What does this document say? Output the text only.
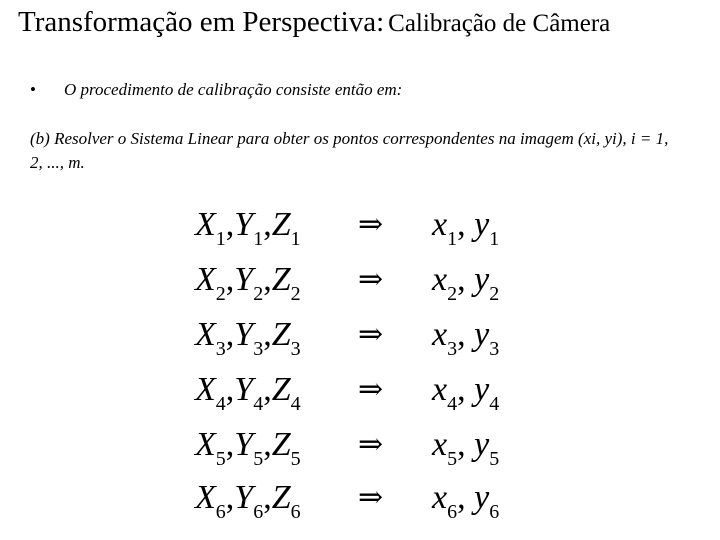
Transformação em Perspectiva: Calibração de Câmera
• O procedimento de calibração consiste então em:
(b) Resolver o Sistema Linear para obter os pontos correspondentes na imagem (xi, yi), i = 1, 2, ..., m.
$X_1,Y_1,Z_1$ ⇒ $x_1$, $y_1$
$X_2,Y_2,Z_2$ ⇒ $x_2$, $y_2$
$X_3,Y_3,Z_3$ ⇒ $x_3$, $y_3$
$X_4,Y_4,Z_4$ ⇒ $x_4$, $y_4$
$X_5,Y_5,Z_5$ ⇒ $x_5$, $y_5$
$X_6,Y_6,Z_6$ ⇒ $x_6$, $y_6$
